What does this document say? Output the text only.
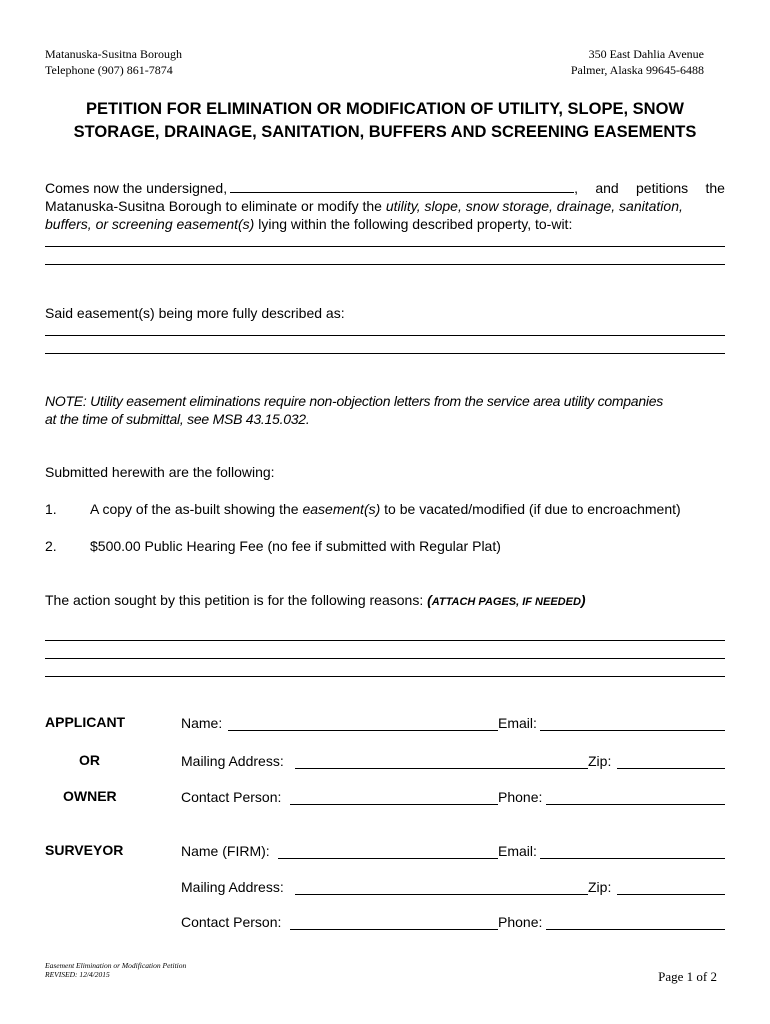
Matanuska-Susitna Borough
Telephone (907) 861-7874
350 East Dahlia Avenue
Palmer, Alaska 99645-6488
PETITION FOR ELIMINATION OR MODIFICATION OF UTILITY, SLOPE, SNOW
STORAGE, DRAINAGE, SANITATION, BUFFERS AND SCREENING EASEMENTS
Comes now the undersigned,	, and petitions the
Matanuska-Susitna Borough to eliminate or modify the utility, slope, snow storage, drainage, sanitation,
buffers, or screening easement(s) lying within the following described property, to-wit:
Said easement(s) being more fully described as:
NOTE: Utility easement eliminations require non-objection letters from the service area utility companies
at the time of submittal, see MSB 43.15.032.
Submitted herewith are the following:
1. A copy of the as-built showing the easement(s) to be vacated/modified (if due to encroachment)
2. $500.00 Public Hearing Fee (no fee if submitted with Regular Plat)
The action sought by this petition is for the following reasons: (ATTACH PAGES, IF NEEDED)
APPLICANT
OR
OWNER
Name:	Email:
Mailing Address:	Zip:
Contact Person:	Phone:
SURVEYOR	Name (FIRM):	Email:
Mailing Address:	Zip:
Contact Person:	Phone:
Easement Elimination or Modification Petition
REVISED: 12/4/2015	Page 1 of 2
